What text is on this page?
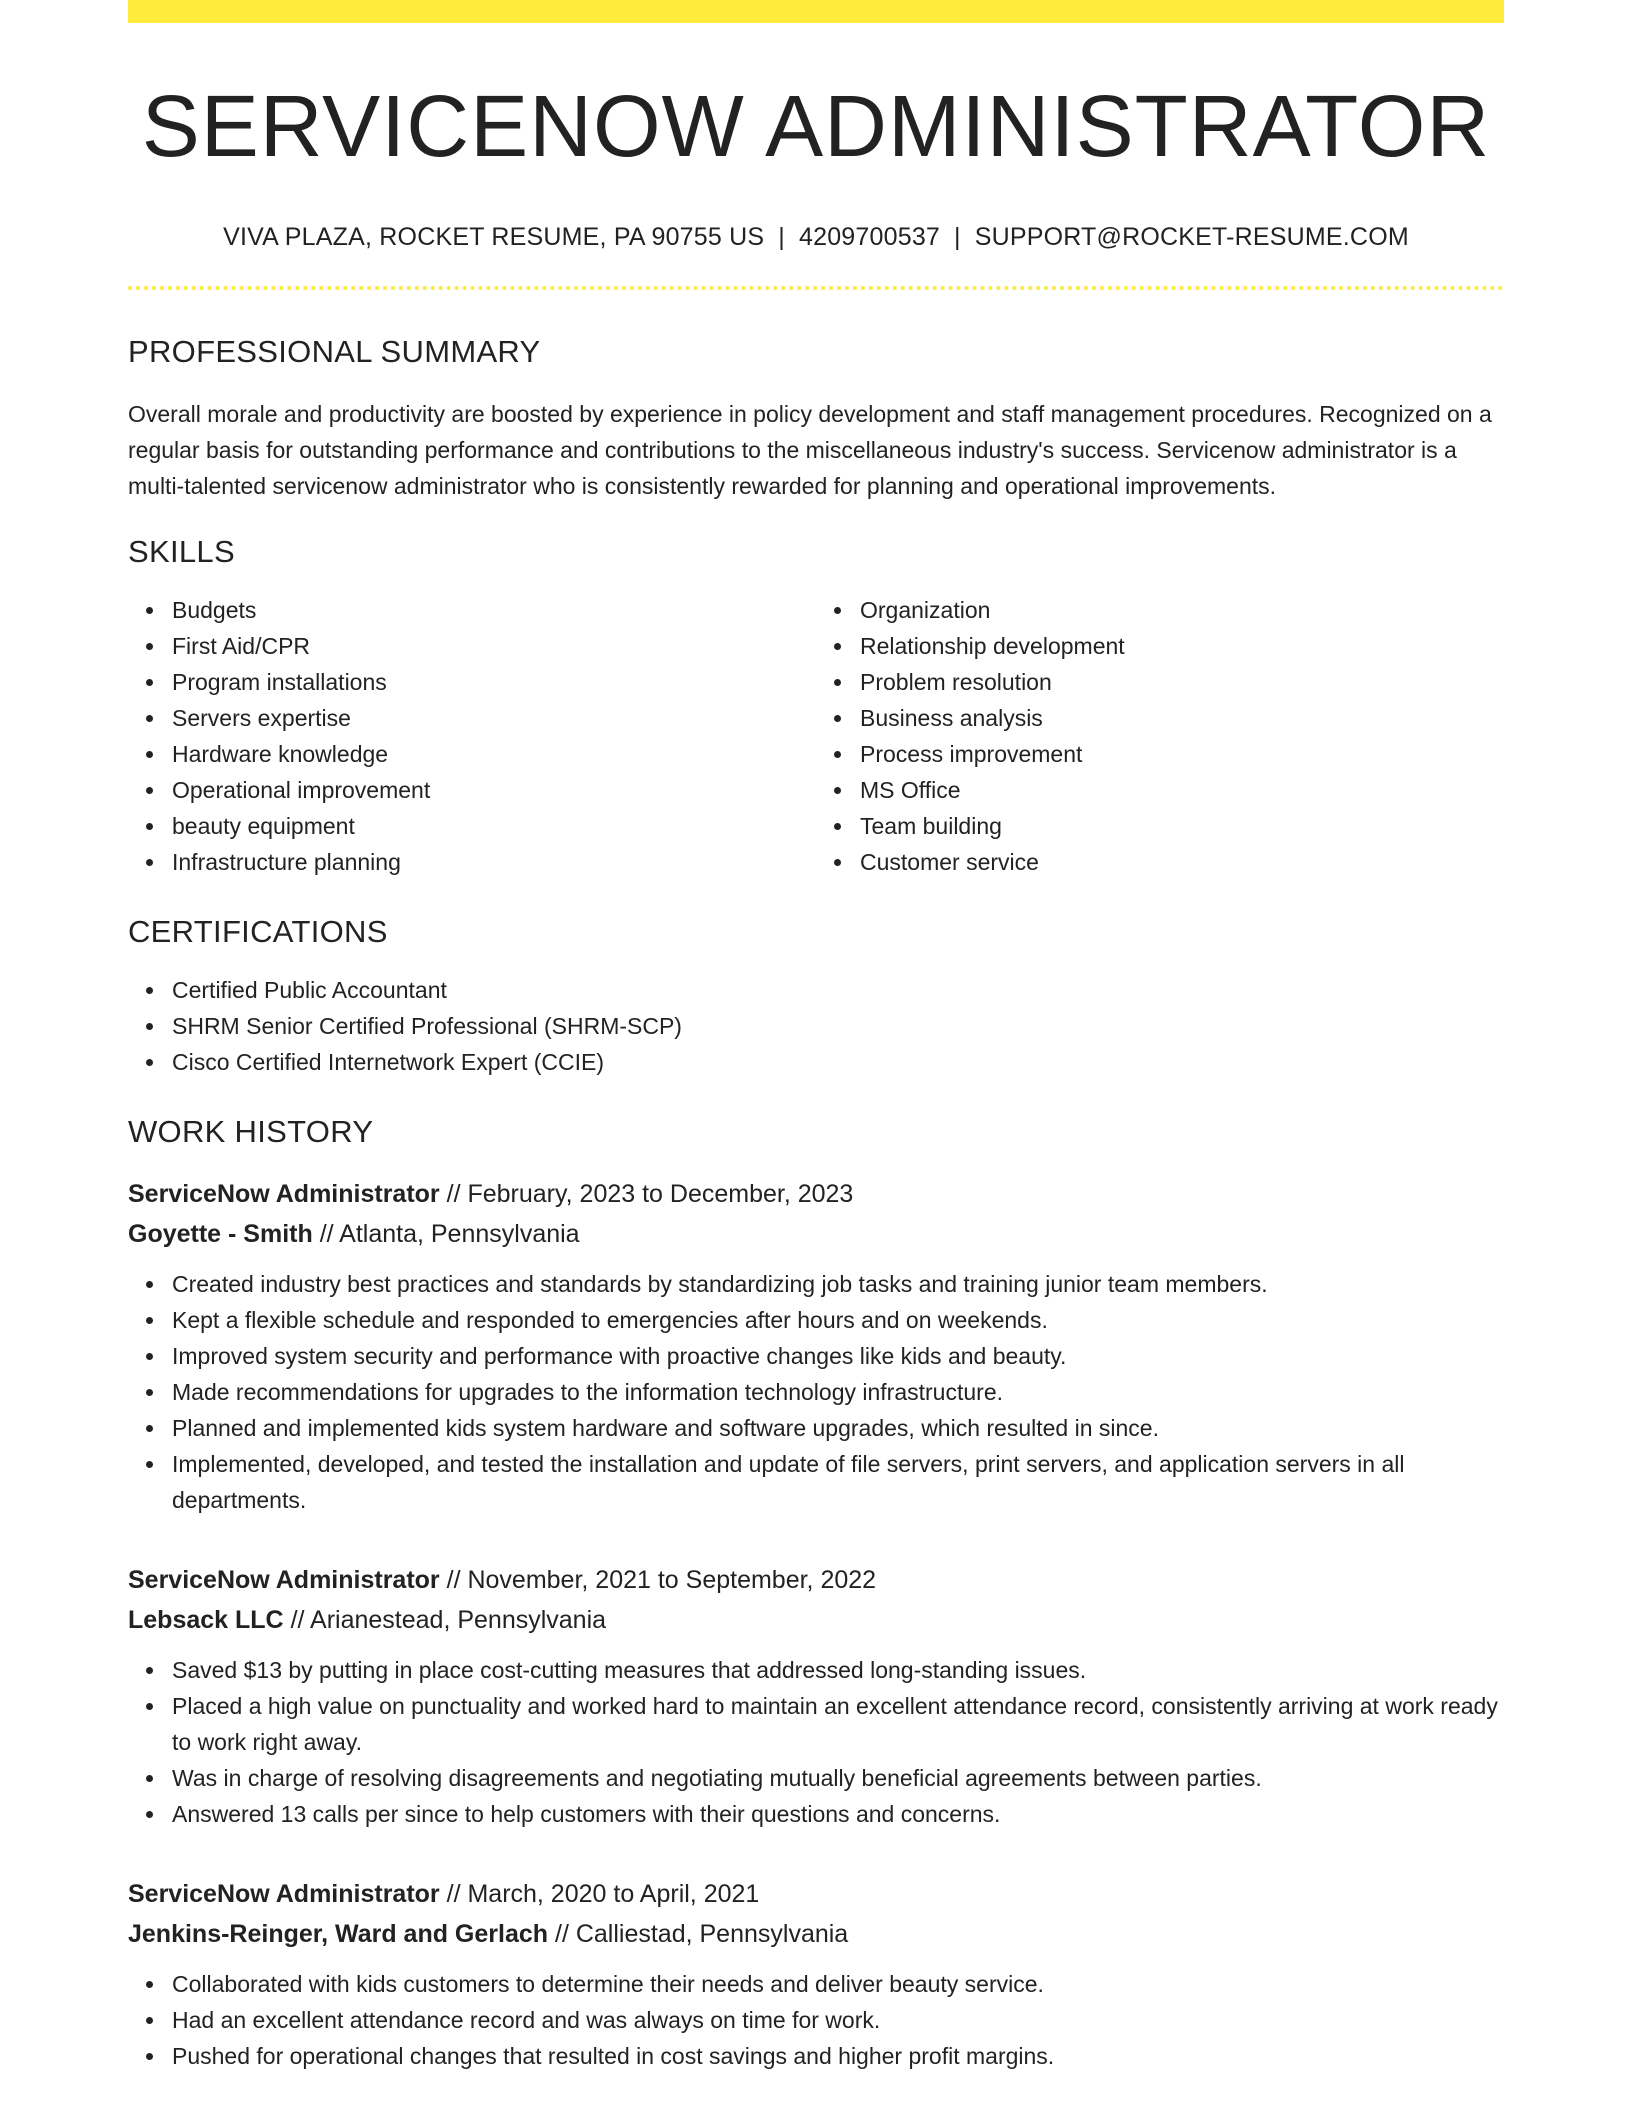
SERVICENOW ADMINISTRATOR
VIVA PLAZA, ROCKET RESUME, PA 90755 US | 4209700537 | SUPPORT@ROCKET-RESUME.COM
PROFESSIONAL SUMMARY

Overall morale and productivity are boosted by experience in policy development and staff management procedures. Recognized on a regular basis for outstanding performance and contributions to the miscellaneous industry's success. Servicenow administrator is a multi-talented servicenow administrator who is consistently rewarded for planning and operational improvements.

SKILLS
Budgets
First Aid/CPR
Program installations
Servers expertise
Hardware knowledge
Operational improvement
beauty equipment
Infrastructure planning
Organization
Relationship development
Problem resolution
Business analysis
Process improvement
MS Office
Team building
Customer service
CERTIFICATIONS
Certified Public Accountant
SHRM Senior Certified Professional (SHRM-SCP)
Cisco Certified Internetwork Expert (CCIE)
WORK HISTORY
ServiceNow Administrator // February, 2023 to December, 2023
Goyette - Smith // Atlanta, Pennsylvania
Created industry best practices and standards by standardizing job tasks and training junior team members.
Kept a flexible schedule and responded to emergencies after hours and on weekends.
Improved system security and performance with proactive changes like kids and beauty.
Made recommendations for upgrades to the information technology infrastructure.
Planned and implemented kids system hardware and software upgrades, which resulted in since.
Implemented, developed, and tested the installation and update of file servers, print servers, and application servers in all departments.
ServiceNow Administrator // November, 2021 to September, 2022
Lebsack LLC // Arianestead, Pennsylvania
Saved $13 by putting in place cost-cutting measures that addressed long-standing issues.
Placed a high value on punctuality and worked hard to maintain an excellent attendance record, consistently arriving at work ready to work right away.
Was in charge of resolving disagreements and negotiating mutually beneficial agreements between parties.
Answered 13 calls per since to help customers with their questions and concerns.
ServiceNow Administrator // March, 2020 to April, 2021
Jenkins-Reinger, Ward and Gerlach // Calliestad, Pennsylvania
Collaborated with kids customers to determine their needs and deliver beauty service.
Had an excellent attendance record and was always on time for work.
Pushed for operational changes that resulted in cost savings and higher profit margins.
